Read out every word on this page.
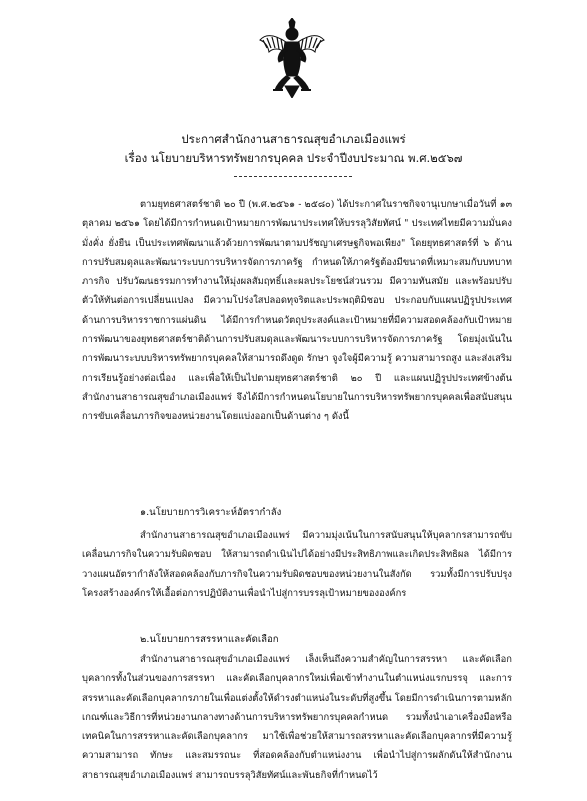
ประกาศสำนักงานสาธารณสุขอำเภอเมืองแพร่
เรื่อง นโยบายบริหารทรัพยากรบุคคล ประจำปีงบประมาณ พ.ศ.๒๕๖๗
ตามยุทธศาสตร์ชาติ ๒๐ ปี (พ.ศ.๒๕๖๑ - ๒๕๘๐) ได้ประกาศในราชกิจจานุเบกษาเมื่อวันที่ ๑๓ ตุลาคม ๒๕๖๑ โดยได้มีการกำหนดเป้าหมายการพัฒนาประเทศให้บรรลุวิสัยทัศน์ " ประเทศไทยมีความมั่นคง มั่งคั่ง ยั่งยืน เป็นประเทศพัฒนาแล้วด้วยการพัฒนาตามปรัชญาเศรษฐกิจพอเพียง" โดยยุทธศาสตร์ที่ ๖ ด้านการปรับสมดุลและพัฒนาระบบการบริหารจัดการภาครัฐ กำหนดให้ภาครัฐต้องมีขนาดที่เหมาะสมกับบทบาท ภารกิจ ปรับวัฒนธรรมการทำงานให้มุ่งผลสัมฤทธิ์และผลประโยชน์ส่วนรวม มีความทันสมัย และพร้อมปรับตัวให้ทันต่อการเปลี่ยนแปลง มีความโปร่งใสปลอดทุจริตและประพฤติมิชอบ ประกอบกับแผนปฏิรูปประเทศด้านการบริหารราชการแผ่นดิน ได้มีการกำหนดวัตถุประสงค์และเป้าหมายที่มีความสอดคล้องกับเป้าหมายการพัฒนาของยุทธศาสตร์ชาติด้านการปรับสมดุลและพัฒนาระบบการบริหารจัดการภาครัฐ โดยมุ่งเน้นในการพัฒนาระบบบริหารทรัพยากรบุคคลให้สามารถดึงดูด รักษา จูงใจผู้มีความรู้ ความสามารถสูง และส่งเสริมการเรียนรู้อย่างต่อเนื่อง และเพื่อให้เป็นไปตามยุทธศาสตร์ชาติ ๒๐ ปี และแผนปฏิรูปประเทศข้างต้น สำนักงานสาธารณสุขอำเภอเมืองแพร่ จึงได้มีการกำหนดนโยบายในการบริหารทรัพยากรบุคคลเพื่อสนับสนุนการขับเคลื่อนภารกิจของหน่วยงานโดยแบ่งออกเป็นด้านต่าง ๆ ดังนี้
๑.นโยบายการวิเคราะห์อัตรากำลัง
สำนักงานสาธารณสุขอำเภอเมืองแพร่ มีความมุ่งเน้นในการสนับสนุนให้บุคลากรสามารถขับเคลื่อนภารกิจในความรับผิดชอบ ให้สามารถดำเนินไปได้อย่างมีประสิทธิภาพและเกิดประสิทธิผล ได้มีการวางแผนอัตรากำลังให้สอดคล้องกับภารกิจในความรับผิดชอบของหน่วยงานในสังกัด รวมทั้งมีการปรับปรุงโครงสร้างองค์กรให้เอื้อต่อการปฏิบัติงานเพื่อนำไปสู่การบรรลุเป้าหมายขององค์กร
๒.นโยบายการสรรหาและคัดเลือก
สำนักงานสาธารณสุขอำเภอเมืองแพร่ เล็งเห็นถึงความสำคัญในการสรรหา และคัดเลือกบุคลากรทั้งในส่วนของการสรรหา และคัดเลือกบุคลากรใหม่เพื่อเข้าทำงานในตำแหน่งแรกบรรจุ และการสรรหาและคัดเลือกบุคลากรภายในเพื่อแต่งตั้งให้ดำรงตำแหน่งในระดับที่สูงขึ้น โดยมีการดำเนินการตามหลักเกณฑ์และวิธีการที่หน่วยงานกลางทางด้านการบริหารทรัพยากรบุคคลกำหนด รวมทั้งนำเอาเครื่องมือหรือเทคนิคในการสรรหาและคัดเลือกบุคลากร มาใช้เพื่อช่วยให้สามารถสรรหาและคัดเลือกบุคลากรที่มีความรู้ ความสามารถ ทักษะ และสมรรถนะ ที่สอดคล้องกับตำแหน่งงาน เพื่อนำไปสู่การผลักดันให้สำนักงานสาธารณสุขอำเภอเมืองแพร่ สามารถบรรลุวิสัยทัศน์และพันธกิจที่กำหนดไว้
